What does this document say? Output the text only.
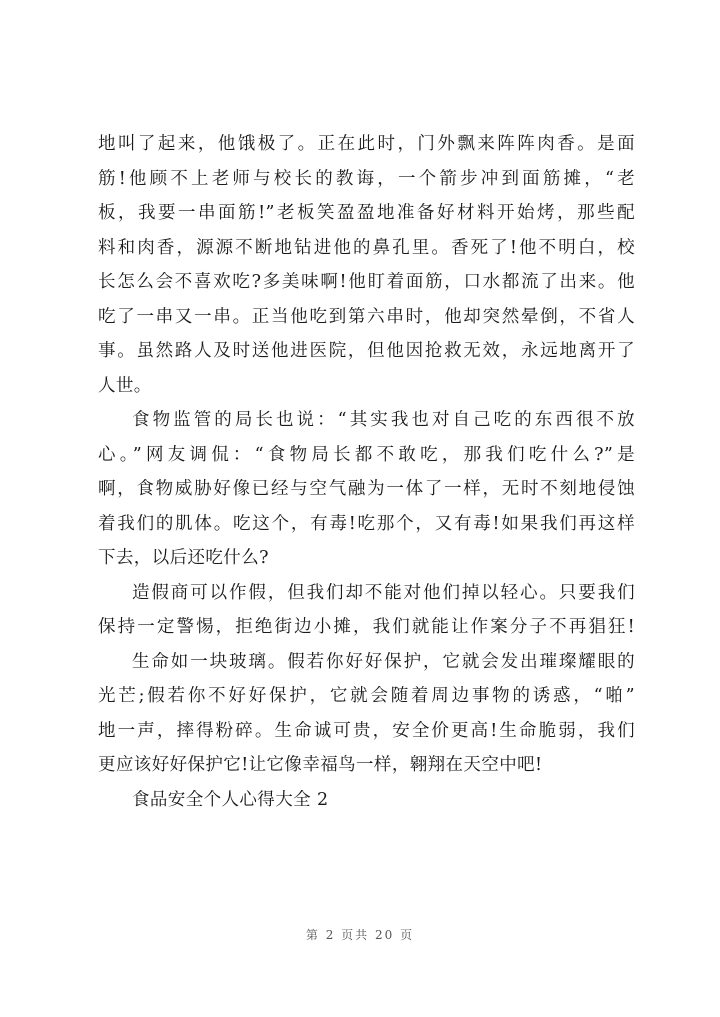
地叫了起来，他饿极了。正在此时，门外飘来阵阵肉香。是面
筋!他顾不上老师与校长的教诲，一个箭步冲到面筋摊，“老
板，我要一串面筋!”老板笑盈盈地准备好材料开始烤，那些配
料和肉香，源源不断地钻进他的鼻孔里。香死了!他不明白，校
长怎么会不喜欢吃?多美味啊!他盯着面筋，口水都流了出来。他
吃了一串又一串。正当他吃到第六串时，他却突然晕倒，不省人
事。虽然路人及时送他进医院，但他因抢救无效，永远地离开了
人世。
食物监管的局长也说：“其实我也对自己吃的东西很不放
心。”网友调侃：“食物局长都不敢吃，那我们吃什么?”是
啊，食物威胁好像已经与空气融为一体了一样，无时不刻地侵蚀
着我们的肌体。吃这个，有毒!吃那个，又有毒!如果我们再这样
下去，以后还吃什么?
造假商可以作假，但我们却不能对他们掉以轻心。只要我们
保持一定警惕，拒绝街边小摊，我们就能让作案分子不再猖狂!
生命如一块玻璃。假若你好好保护，它就会发出璀璨耀眼的
光芒;假若你不好好保护，它就会随着周边事物的诱惑，“啪”
地一声，摔得粉碎。生命诚可贵，安全价更高!生命脆弱，我们
更应该好好保护它!让它像幸福鸟一样，翱翔在天空中吧!
食品安全个人心得大全 2
第 2 页共 20 页
